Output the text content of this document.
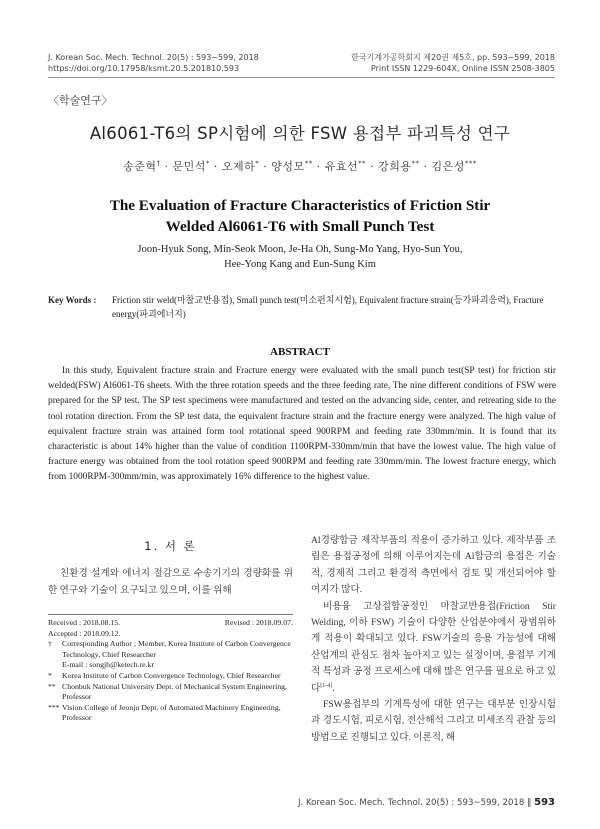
J. Korean Soc. Mech. Technol. 20(5) : 593~599, 2018
https://doi.org/10.17958/ksmt.20.5.201810.593
한국기계가공학회지 제20권 제5호, pp. 593~599, 2018
Print ISSN 1229-604X, Online ISSN 2508-3805
〈학술연구〉
Al6061-T6의 SP시험에 의한 FSW 용접부 파괴특성 연구
송준혁† · 문민석* · 오제하* · 양성모** · 유효선** · 강희용** · 김은성***
The Evaluation of Fracture Characteristics of Friction Stir
Welded Al6061-T6 with Small Punch Test
Joon-Hyuk Song, Min-Seok Moon, Je-Ha Oh, Sung-Mo Yang, Hyo-Sun You,
Hee-Yong Kang and Eun-Sung Kim
Key Words : Friction stir weld(마찰교반용접), Small punch test(미소펀치시험), Equivalent fracture strain(등가파괴응력), Fracture energy(파괴에너지)
ABSTRACT
In this study, Equivalent fracture strain and Fracture energy were evaluated with the small punch test(SP test) for friction stir welded(FSW) Al6061-T6 sheets. With the three rotation speeds and the three feeding rate, The nine different conditions of FSW were prepared for the SP test. The SP test specimens were manufactured and tested on the advancing side, center, and retreating side to the tool rotation direction. From the SP test data, the equivalent fracture strain and the fracture energy were analyzed. The high value of equivalent fracture strain was attained form tool rotational speed 900RPM and feeding rate 330mm/min. It is found that its characteristic is about 14% higher than the value of condition 1100RPM-330mm/min that have the lowest value. The high value of fracture energy was obtained from the tool rotation speed 900RPM and feeding rate 330mm/min. The lowest fracture energy, which from 1000RPM-300mm/min, was approximately 16% difference to the highest value.
1. 서 론
친환경 설계와 에너지 절감으로 수송기기의 경량화를 위한 연구와 기술이 요구되고 있으며, 이를 위해
Received : 2018.08.15.	Revised : 2018.09.07.
Accepted : 2018.09.12.
†	Corresponding Author ; Member, Korea Institute of Carbon Convergence Technology, Chief Researcher
E-mail : songjh@ketech.re.kr
*	Korea Institute of Carbon Convergence Technology, Chief Researcher
** Chonbuk National University Dept. of Mechanical System Engineering, Professor
*** Vision College of Jeonju Dept. of Automated Machinery Engineering, Professor

Al경량합금 제작부품의 적용이 증가하고 있다. 제작부품 조립은 용접공정에 의해 이루어지는데 Al합금의 용접은 기술적, 경제적 그리고 환경적 측면에서 검토 및 개선되어야 할 여지가 많다.

비용융 고상접합공정인 마찰교반용접(Friction Stir Welding, 이하 FSW) 기술이 다양한 산업분야에서 광범위하게 적용이 확대되고 있다. FSW기술의 응용 가능성에 대해 산업계의 관심도 점차 높아지고 있는 실정이며, 용접부 기계적 특성과 공정 프로세스에 대해 많은 연구를 필요로 하고 있다[1-4].

FSW용접부의 기계특성에 대한 연구는 대부분 인장시험과 경도시험, 피로시험, 전산해석 그리고 미세조직 관찰 등의 방법으로 진행되고 있다. 이론적, 해

J. Korean Soc. Mech. Technol. 20(5) : 593~599, 2018 ‖ 593
